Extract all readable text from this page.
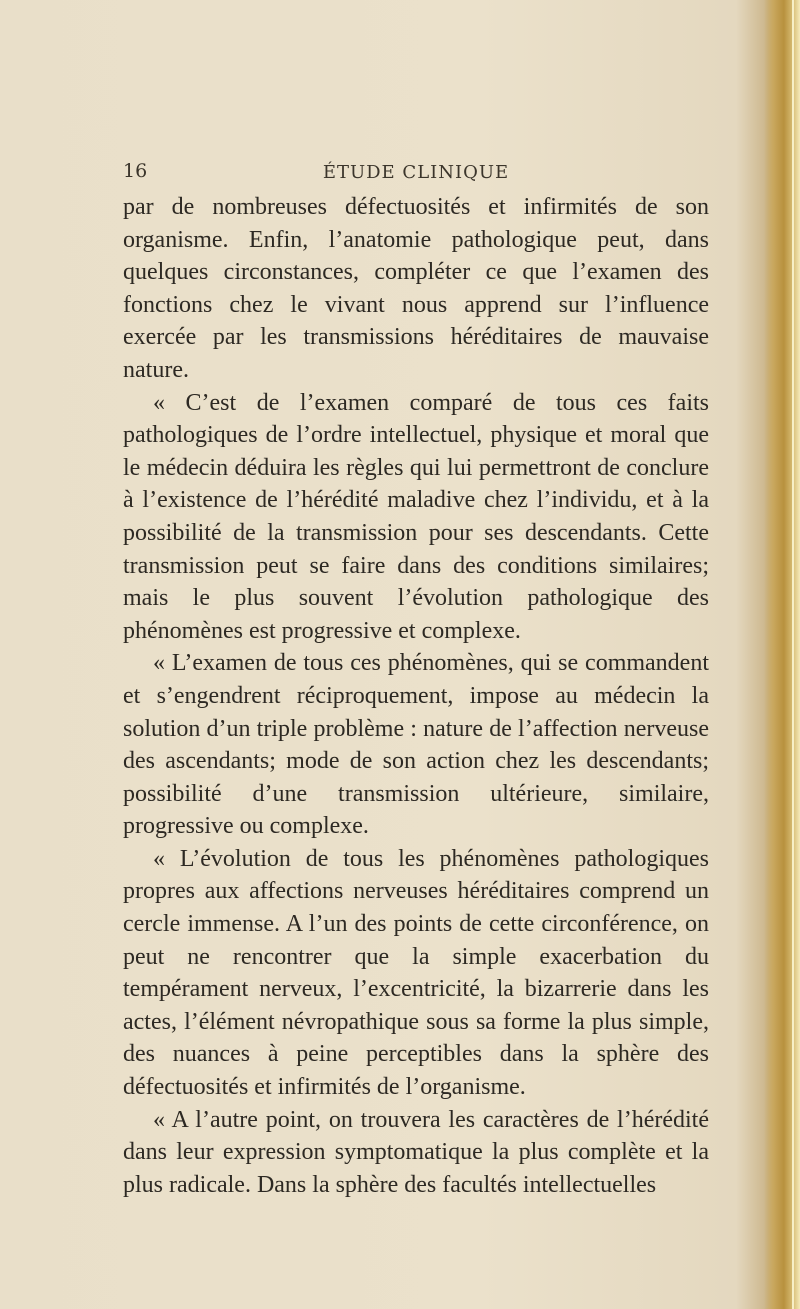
16	ÉTUDE CLINIQUE

par de nombreuses défectuosités et infirmités de son organisme. Enfin, l’anatomie pathologique peut, dans quelques circonstances, compléter ce que l’examen des fonctions chez le vivant nous apprend sur l’influence exercée par les transmissions héréditaires de mauvaise nature.

« C’est de l’examen comparé de tous ces faits pathologiques de l’ordre intellectuel, physique et moral que le médecin déduira les règles qui lui permettront de conclure à l’existence de l’hérédité maladive chez l’individu, et à la possibilité de la transmission pour ses descendants. Cette transmission peut se faire dans des conditions similaires; mais le plus souvent l’évolution pathologique des phénomènes est progressive et complexe.

« L’examen de tous ces phénomènes, qui se commandent et s’engendrent réciproquement, impose au médecin la solution d’un triple problème : nature de l’affection nerveuse des ascendants; mode de son action chez les descendants; possibilité d’une transmission ultérieure, similaire, progressive ou complexe.

« L’évolution de tous les phénomènes pathologiques propres aux affections nerveuses héréditaires comprend un cercle immense. A l’un des points de cette circonférence, on peut ne rencontrer que la simple exacerbation du tempérament nerveux, l’excentricité, la bizarrerie dans les actes, l’élément névropathique sous sa forme la plus simple, des nuances à peine perceptibles dans la sphère des défectuosités et infirmités de l’organisme.

« A l’autre point, on trouvera les caractères de l’hérédité dans leur expression symptomatique la plus complète et la plus radicale. Dans la sphère des facultés intellectuelles
